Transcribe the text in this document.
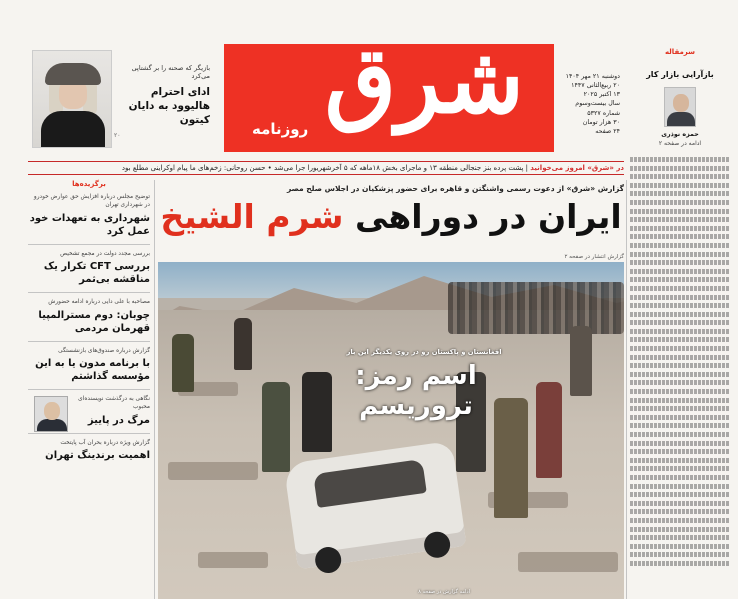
بازیگر که صحنه را بر گشتاپی می‌کرد
ادای احترام هالیوود به دایان کیتون
۲۰
شرق
روزنامه
دوشنبه ۲۱ مهر ۱۴۰۴
۲۰ ربیع‌الثانی ۱۴۴۷
۱۳ اکتبر ۲۰۲۵
سال بیست‌وسوم
شماره ۵۳۲۷
۳۰ هزار تومان
۲۴ صفحه
سرمقاله
بازآرایی بازار کار
حمزه نوذری
ادامه در صفحه ۲
در «شرق» امروز می‌خوانید | پشت پرده بنز جنجالی منطقه ۱۳ و ماجرای بخش ۱۸ماهه که ۵ آخرشهریورا جرا می‌شد • حسن روحانی: زخم‌های ما پیام اوکراینی مطلع بود
برگزیده‌ها
توضیح مجلس درباره افزایش حق عوارض خودرو در شهرداری تهران
شهرداری به تعهدات خود عمل کرد
بررسی مجدد دولت در مجمع تشخیص
بررسی CFT تکرار یک مناقشه بی‌ثمر
مصاحبه با علی دایی درباره ادامه حضورش
چوبان: دوم مسترالمپیا قهرمان مردمی
گزارش درباره صندوق‌های بازنشستگی
با برنامه مدون یا به این مؤسسه گذاشتم
نگاهی به درگذشت نویسنده‌ای محبوب
مرگ در پاییز
گزارش ویژه درباره بحران آب پایتخت
اهمیت برندینگ تهران
گزارش «شرق» از دعوت رسمی واشنگتن و قاهره برای حضور پزشکیان در اجلاس صلح مصر
ایران در دوراهی شرم الشیخ
گزارش انتشار در صفحه ۲
افغانستان و پاکستان رو در روی یکدیگر این بار
اسم رمز:
تروریسم
ادامه گزارش در صفحه ۸
